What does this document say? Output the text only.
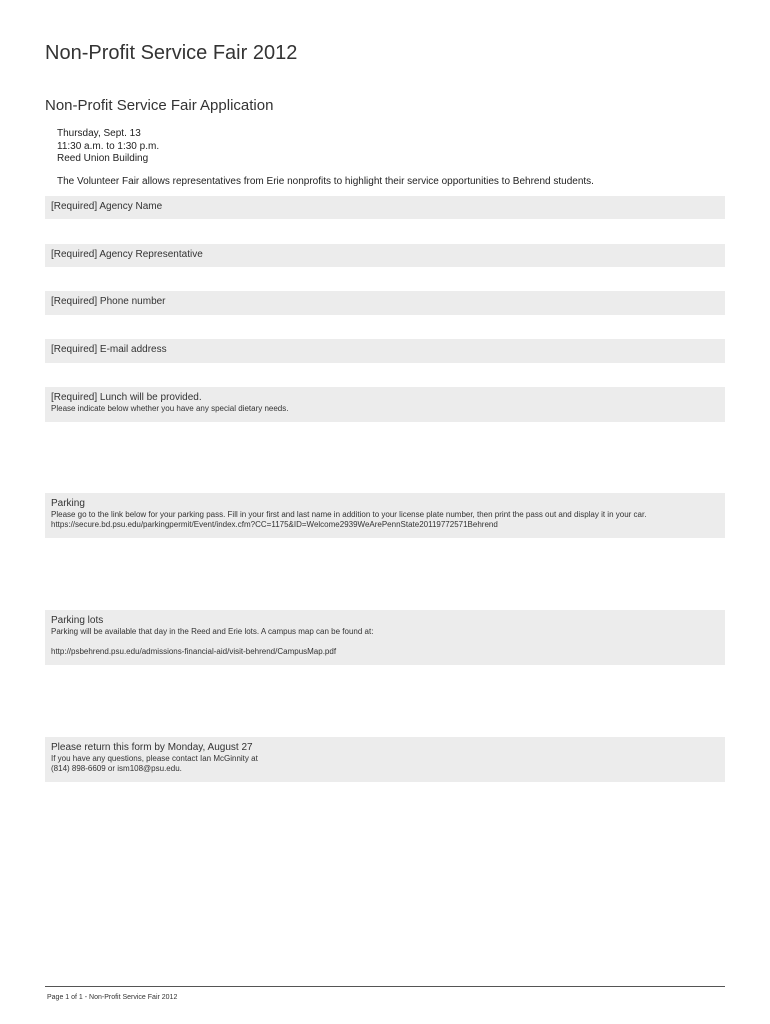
Non-Profit Service Fair 2012
Non-Profit Service Fair Application
Thursday, Sept. 13
11:30 a.m. to 1:30 p.m.
Reed Union Building
The Volunteer Fair allows representatives from Erie nonprofits to highlight their service opportunities to Behrend students.
[Required] Agency Name
[Required] Agency Representative
[Required] Phone number
[Required] E-mail address
[Required] Lunch will be provided.
Please indicate below whether you have any special dietary needs.
Parking
Please go to the link below for your parking pass. Fill in your first and last name in addition to your license plate number, then print the pass out and display it in your car.
https://secure.bd.psu.edu/parkingpermit/Event/index.cfm?CC=1175&ID=Welcome2939WeArePennState20119772571Behrend
Parking lots
Parking will be available that day in the Reed and Erie lots. A campus map can be found at:
http://psbehrend.psu.edu/admissions-financial-aid/visit-behrend/CampusMap.pdf
Please return this form by Monday, August 27
If you have any questions, please contact Ian McGinnity at
(814) 898-6609 or ism108@psu.edu.
Page 1 of 1 - Non-Profit Service Fair 2012
